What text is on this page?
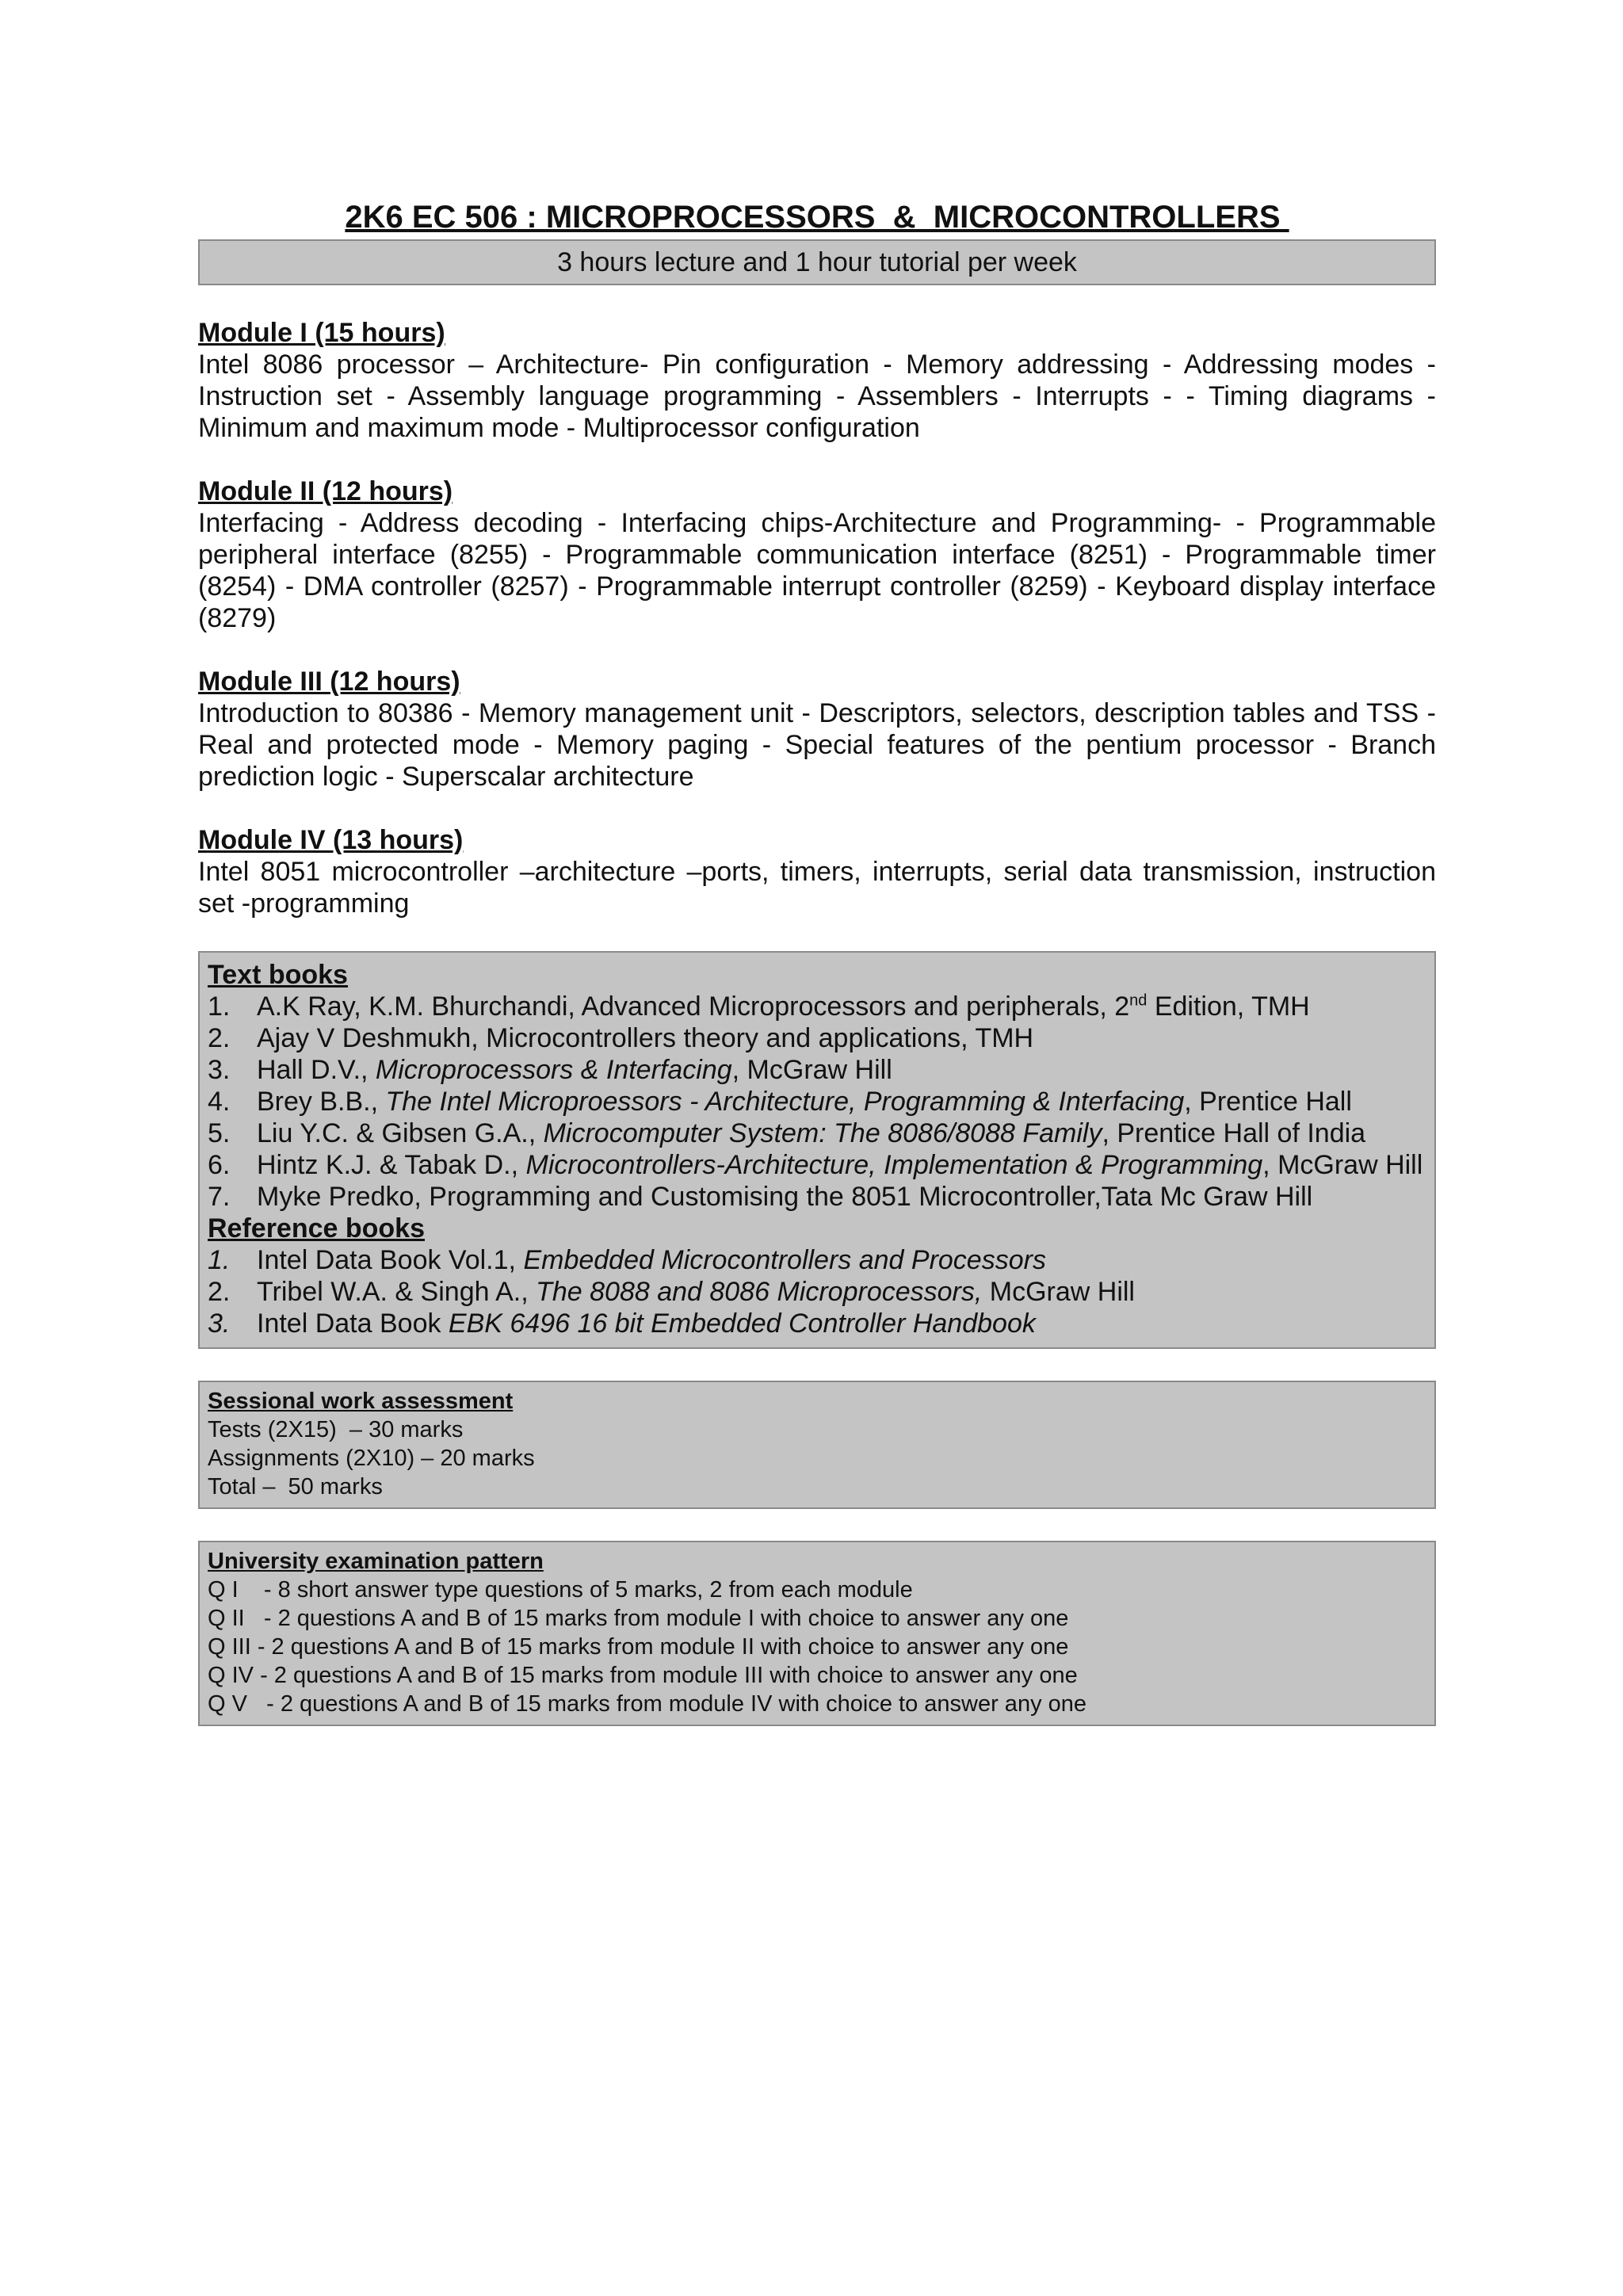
2K6 EC 506 : MICROPROCESSORS  &  MICROCONTROLLERS
3 hours lecture and 1 hour tutorial per week
Module I (15 hours)
Intel 8086 processor – Architecture- Pin configuration - Memory addressing - Addressing modes - Instruction set - Assembly language programming - Assemblers - Interrupts - - Timing diagrams - Minimum and maximum mode - Multiprocessor configuration
Module II (12 hours)
Interfacing - Address decoding - Interfacing chips-Architecture and Programming- - Programmable peripheral interface (8255) - Programmable communication interface (8251) - Programmable timer (8254) - DMA controller (8257) - Programmable interrupt controller (8259) - Keyboard display interface (8279)
Module III (12 hours)
Introduction to 80386 - Memory management unit - Descriptors, selectors, description tables and TSS - Real and protected mode - Memory paging - Special features of the pentium processor - Branch prediction logic - Superscalar architecture
Module IV (13 hours)
Intel 8051 microcontroller –architecture –ports, timers, interrupts, serial data transmission, instruction set -programming
Text books
1. A.K Ray, K.M. Bhurchandi, Advanced Microprocessors and peripherals, 2nd Edition, TMH
2. Ajay V Deshmukh, Microcontrollers theory and applications, TMH
3. Hall D.V., Microprocessors & Interfacing, McGraw Hill
4. Brey B.B., The Intel Microproessors - Architecture, Programming & Interfacing, Prentice Hall
5. Liu Y.C. & Gibsen G.A., Microcomputer System: The 8086/8088 Family, Prentice Hall of India
6. Hintz K.J. & Tabak D., Microcontrollers-Architecture, Implementation & Programming, McGraw Hill
7. Myke Predko, Programming and Customising the 8051 Microcontroller,Tata Mc Graw Hill
Reference books
1. Intel Data Book Vol.1, Embedded Microcontrollers and Processors
2. Tribel W.A. & Singh A., The 8088 and 8086 Microprocessors, McGraw Hill
3. Intel Data Book EBK 6496 16 bit Embedded Controller Handbook
Sessional work assessment
Tests (2X15)  – 30 marks
Assignments (2X10) – 20 marks
Total –  50 marks
University examination pattern
Q I    - 8 short answer type questions of 5 marks, 2 from each module
Q II   - 2 questions A and B of 15 marks from module I with choice to answer any one
Q III - 2 questions A and B of 15 marks from module II with choice to answer any one
Q IV - 2 questions A and B of 15 marks from module III with choice to answer any one
Q V   - 2 questions A and B of 15 marks from module IV with choice to answer any one
